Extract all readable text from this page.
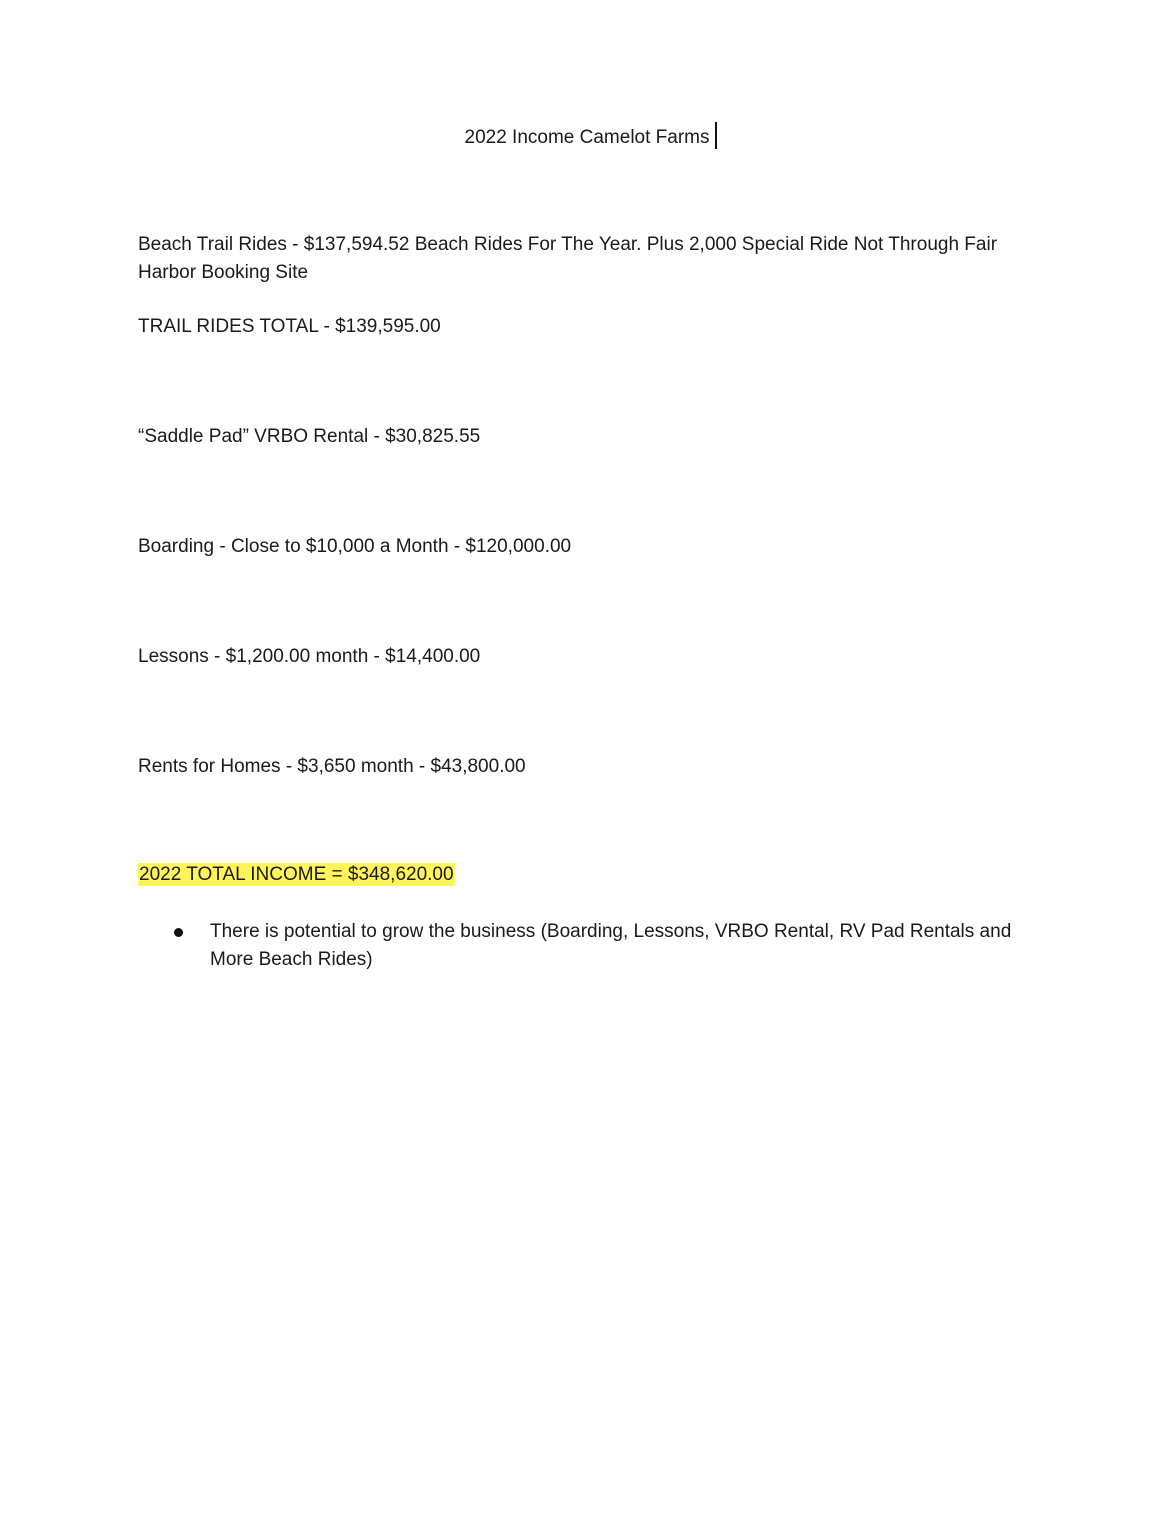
2022 Income Camelot Farms

Beach Trail Rides - $137,594.52 Beach Rides For The Year. Plus 2,000 Special Ride Not Through Fair Harbor Booking Site

TRAIL RIDES TOTAL - $139,595.00

“Saddle Pad” VRBO Rental - $30,825.55

Boarding - Close to $10,000 a Month - $120,000.00

Lessons - $1,200.00 month - $14,400.00

Rents for Homes - $3,650 month - $43,800.00

2022 TOTAL INCOME = $348,620.00

There is potential to grow the business (Boarding, Lessons, VRBO Rental, RV Pad Rentals and More Beach Rides)
